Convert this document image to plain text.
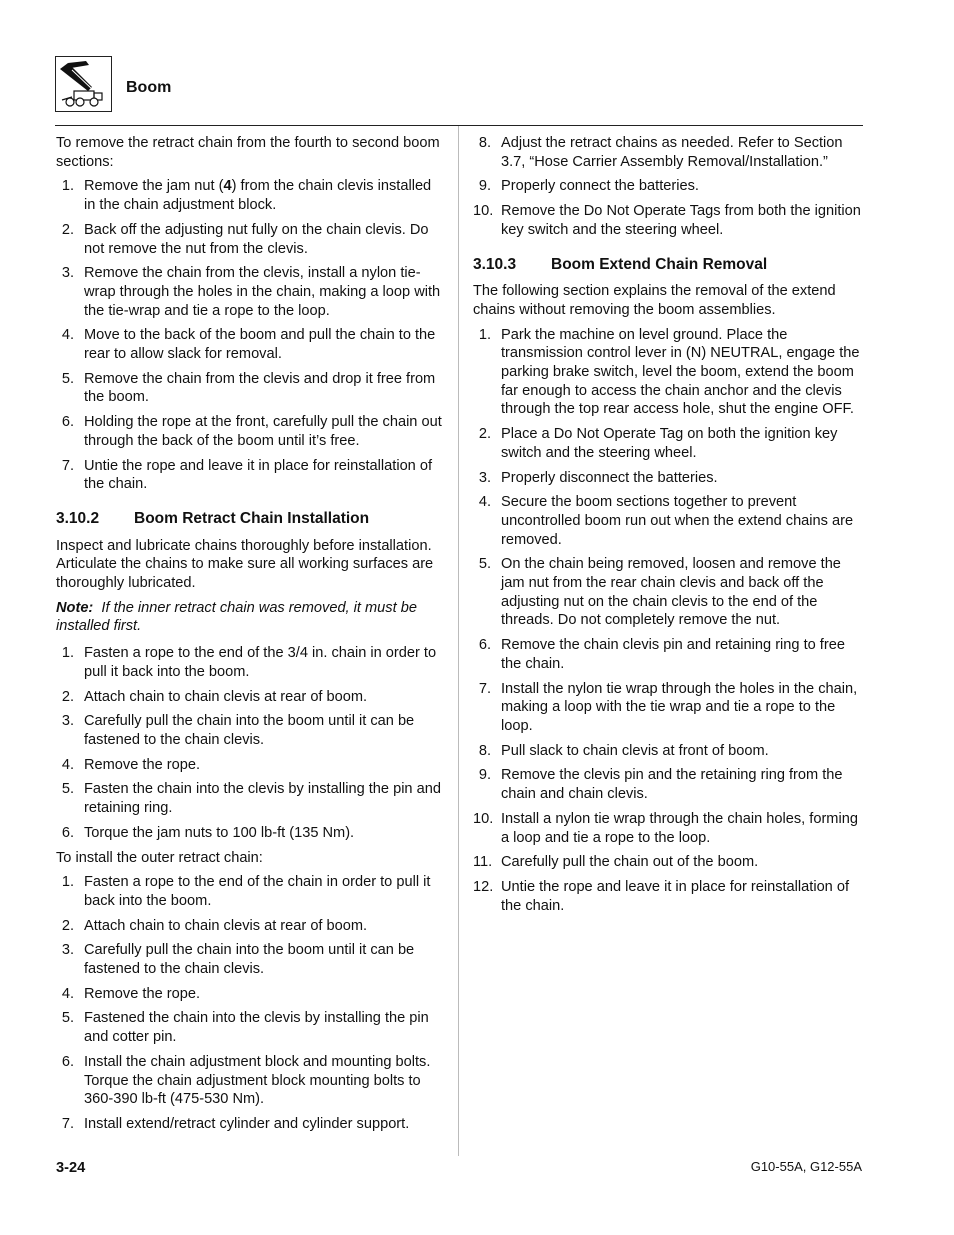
Boom

To remove the retract chain from the fourth to second boom sections:

1. Remove the jam nut (4) from the chain clevis installed in the chain adjustment block.
2. Back off the adjusting nut fully on the chain clevis. Do not remove the nut from the clevis.
3. Remove the chain from the clevis, install a nylon tie-wrap through the holes in the chain, making a loop with the tie-wrap and tie a rope to the loop.
4. Move to the back of the boom and pull the chain to the rear to allow slack for removal.
5. Remove the chain from the clevis and drop it free from the boom.
6. Holding the rope at the front, carefully pull the chain out through the back of the boom until it’s free.
7. Untie the rope and leave it in place for reinstallation of the chain.
3.10.2 Boom Retract Chain Installation

Inspect and lubricate chains thoroughly before installation. Articulate the chains to make sure all working surfaces are thoroughly lubricated.

Note: If the inner retract chain was removed, it must be installed first.

1. Fasten a rope to the end of the 3/4 in. chain in order to pull it back into the boom.
2. Attach chain to chain clevis at rear of boom.
3. Carefully pull the chain into the boom until it can be fastened to the chain clevis.
4. Remove the rope.
5. Fasten the chain into the clevis by installing the pin and retaining ring.
6. Torque the jam nuts to 100 lb-ft (135 Nm).

To install the outer retract chain:

1. Fasten a rope to the end of the chain in order to pull it back into the boom.
2. Attach chain to chain clevis at rear of boom.
3. Carefully pull the chain into the boom until it can be fastened to the chain clevis.
4. Remove the rope.
5. Fastened the chain into the clevis by installing the pin and cotter pin.
6. Install the chain adjustment block and mounting bolts. Torque the chain adjustment block mounting bolts to 360-390 lb-ft (475-530 Nm).
7. Install extend/retract cylinder and cylinder support.
8. Adjust the retract chains as needed. Refer to Section 3.7, “Hose Carrier Assembly Removal/Installation.”
9. Properly connect the batteries.
10. Remove the Do Not Operate Tags from both the ignition key switch and the steering wheel.
3.10.3 Boom Extend Chain Removal

The following section explains the removal of the extend chains without removing the boom assemblies.

1. Park the machine on level ground. Place the transmission control lever in (N) NEUTRAL, engage the parking brake switch, level the boom, extend the boom far enough to access the chain anchor and the clevis through the top rear access hole, shut the engine OFF.
2. Place a Do Not Operate Tag on both the ignition key switch and the steering wheel.
3. Properly disconnect the batteries.
4. Secure the boom sections together to prevent uncontrolled boom run out when the extend chains are removed.
5. On the chain being removed, loosen and remove the jam nut from the rear chain clevis and back off the adjusting nut on the chain clevis to the end of the threads. Do not completely remove the nut.
6. Remove the chain clevis pin and retaining ring to free the chain.
7. Install the nylon tie wrap through the holes in the chain, making a loop with the tie wrap and tie a rope to the loop.
8. Pull slack to chain clevis at front of boom.
9. Remove the clevis pin and the retaining ring from the chain and chain clevis.
10. Install a nylon tie wrap through the chain holes, forming a loop and tie a rope to the loop.
11. Carefully pull the chain out of the boom.
12. Untie the rope and leave it in place for reinstallation of the chain.
3-24	G10-55A, G12-55A
